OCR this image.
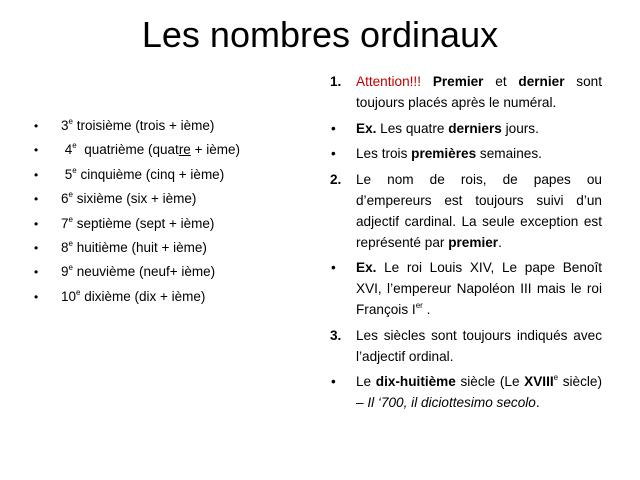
Les nombres ordinaux
• 3e troisième (trois + ième)
• 4e quatrième (quatre + ième)
• 5e cinquième (cinq + ième)
• 6e sixième (six + ième)
• 7e septième (sept + ième)
• 8e huitième (huit + ième)
• 9e neuvième (neuf+ ième)
• 10e dixième (dix + ième)
1. Attention!!! Premier et dernier sont toujours placés après le numéral.
• Ex. Les quatre derniers jours.
• Les trois premières semaines.
2. Le nom de rois, de papes ou d’empereurs est toujours suivi d’un adjectif cardinal. La seule exception est représenté par premier.
• Ex. Le roi Louis XIV, Le pape Benoît XVI, l’empereur Napoléon III mais le roi François Ier .
3. Les siècles sont toujours indiqués avec l’adjectif ordinal.
• Le dix-huitième siècle (Le XVIIIe siècle) – Il ‘700, il diciottesimo secolo.
